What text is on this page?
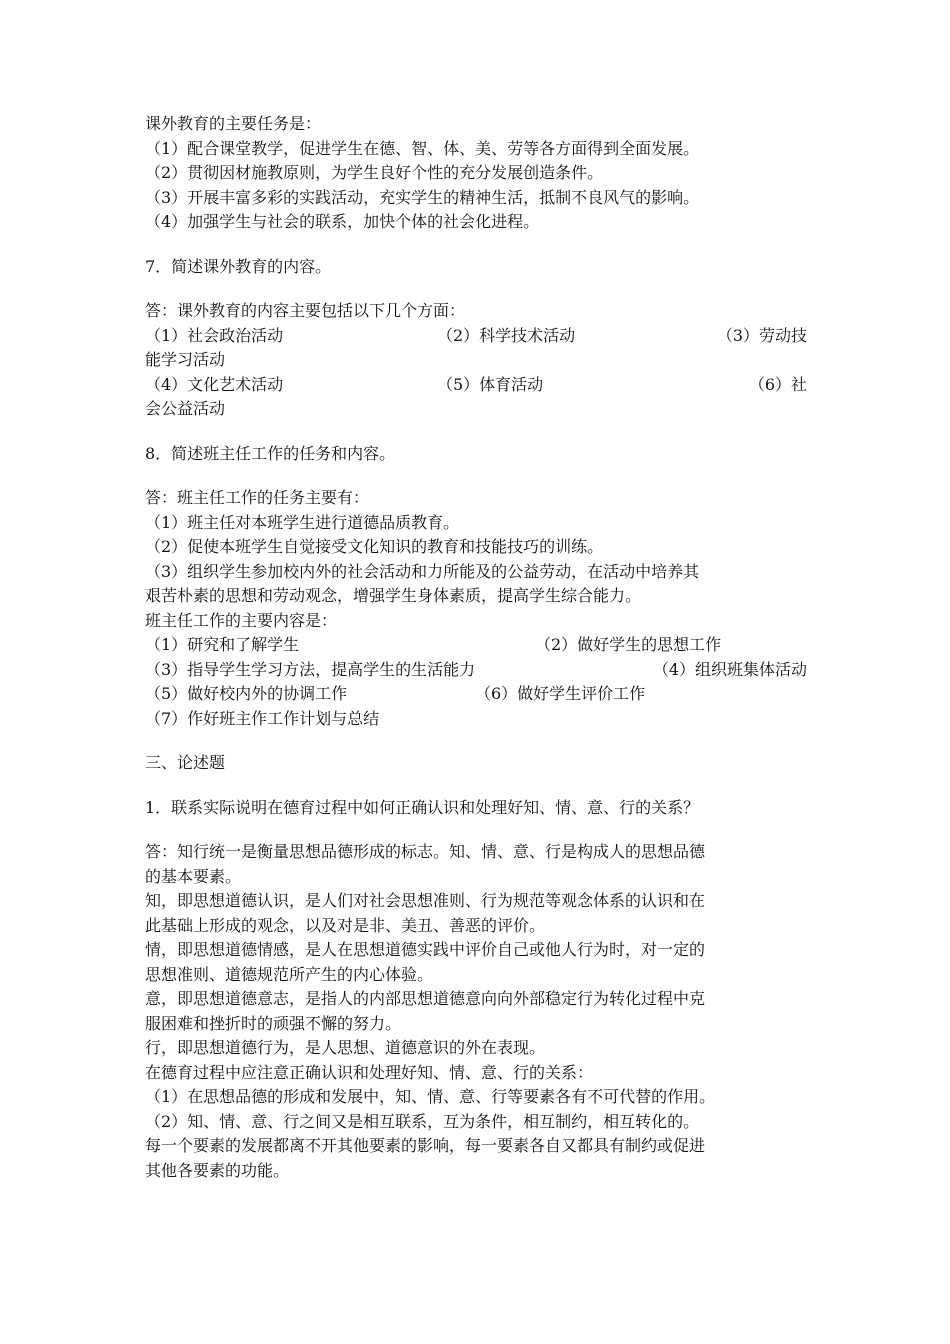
课外教育的主要任务是：
（1）配合课堂教学，促进学生在德、智、体、美、劳等各方面得到全面发展。
（2）贯彻因材施教原则，为学生良好个性的充分发展创造条件。
（3）开展丰富多彩的实践活动，充实学生的精神生活，抵制不良风气的影响。
（4）加强学生与社会的联系，加快个体的社会化进程。
7．简述课外教育的内容。
答：课外教育的内容主要包括以下几个方面：
（1）社会政治活动	（2）科学技术活动	（3）劳动技
能学习活动
（4）文化艺术活动	（5）体育活动	（6）社
会公益活动
8．简述班主任工作的任务和内容。
答：班主任工作的任务主要有：
（1）班主任对本班学生进行道德品质教育。
（2）促使本班学生自觉接受文化知识的教育和技能技巧的训练。
（3）组织学生参加校内外的社会活动和力所能及的公益劳动，在活动中培养其
艰苦朴素的思想和劳动观念，增强学生身体素质，提高学生综合能力。
班主任工作的主要内容是：
（1）研究和了解学生	（2）做好学生的思想工作
（3）指导学生学习方法，提高学生的生活能力	（4）组织班集体活动
（5）做好校内外的协调工作	（6）做好学生评价工作
（7）作好班主作工作计划与总结
三、论述题
1．联系实际说明在德育过程中如何正确认识和处理好知、情、意、行的关系？
答：知行统一是衡量思想品德形成的标志。知、情、意、行是构成人的思想品德
的基本要素。
知，即思想道德认识，是人们对社会思想准则、行为规范等观念体系的认识和在
此基础上形成的观念，以及对是非、美丑、善恶的评价。
情，即思想道德情感，是人在思想道德实践中评价自己或他人行为时，对一定的
思想准则、道德规范所产生的内心体验。
意，即思想道德意志，是指人的内部思想道德意向向外部稳定行为转化过程中克
服困难和挫折时的顽强不懈的努力。
行，即思想道德行为，是人思想、道德意识的外在表现。
在德育过程中应注意正确认识和处理好知、情、意、行的关系：
（1）在思想品德的形成和发展中，知、情、意、行等要素各有不可代替的作用。
（2）知、情、意、行之间又是相互联系，互为条件，相互制约，相互转化的。
每一个要素的发展都离不开其他要素的影响，每一要素各自又都具有制约或促进
其他各要素的功能。
